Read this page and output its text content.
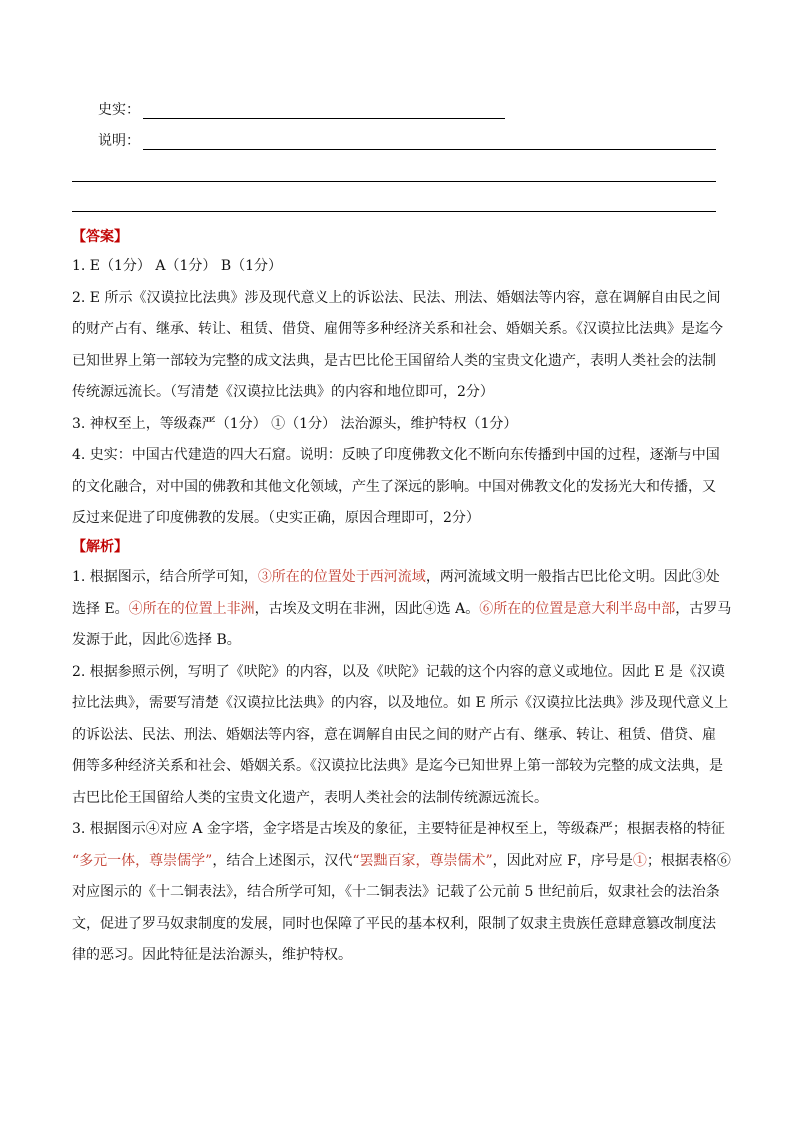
史实：
说明：
【答案】
1. E（1分） A（1分） B（1分）
2. E 所示《汉谟拉比法典》涉及现代意义上的诉讼法、民法、刑法、婚姻法等内容，意在调解自由民之间
的财产占有、继承、转让、租赁、借贷、雇佣等多种经济关系和社会、婚姻关系。《汉谟拉比法典》是迄今
已知世界上第一部较为完整的成文法典，是古巴比伦王国留给人类的宝贵文化遗产，表明人类社会的法制
传统源远流长。（写清楚《汉谟拉比法典》的内容和地位即可，2分）
3. 神权至上，等级森严（1分） ①（1分） 法治源头，维护特权（1分）
4. 史实：中国古代建造的四大石窟。说明：反映了印度佛教文化不断向东传播到中国的过程，逐渐与中国
的文化融合，对中国的佛教和其他文化领域，产生了深远的影响。中国对佛教文化的发扬光大和传播，又
反过来促进了印度佛教的发展。（史实正确，原因合理即可，2分）
【解析】
1. 根据图示，结合所学可知，③所在的位置处于西河流域，两河流域文明一般指古巴比伦文明。因此③处
选择 E。④所在的位置上非洲，古埃及文明在非洲，因此④选 A。⑥所在的位置是意大利半岛中部，古罗马
发源于此，因此⑥选择 B。
2. 根据参照示例，写明了《吠陀》的内容，以及《吠陀》记载的这个内容的意义或地位。因此 E 是《汉谟
拉比法典》，需要写清楚《汉谟拉比法典》的内容，以及地位。如 E 所示《汉谟拉比法典》涉及现代意义上
的诉讼法、民法、刑法、婚姻法等内容，意在调解自由民之间的财产占有、继承、转让、租赁、借贷、雇
佣等多种经济关系和社会、婚姻关系。《汉谟拉比法典》是迄今已知世界上第一部较为完整的成文法典，是
古巴比伦王国留给人类的宝贵文化遗产，表明人类社会的法制传统源远流长。
3. 根据图示④对应 A 金字塔，金字塔是古埃及的象征，主要特征是神权至上，等级森严；根据表格的特征
“多元一体，尊崇儒学”，结合上述图示，汉代“罢黜百家，尊崇儒术”，因此对应 F，序号是①；根据表格⑥
对应图示的《十二铜表法》，结合所学可知，《十二铜表法》记载了公元前 5 世纪前后，奴隶社会的法治条
文，促进了罗马奴隶制度的发展，同时也保障了平民的基本权利，限制了奴隶主贵族任意肆意篡改制度法
律的恶习。因此特征是法治源头，维护特权。
